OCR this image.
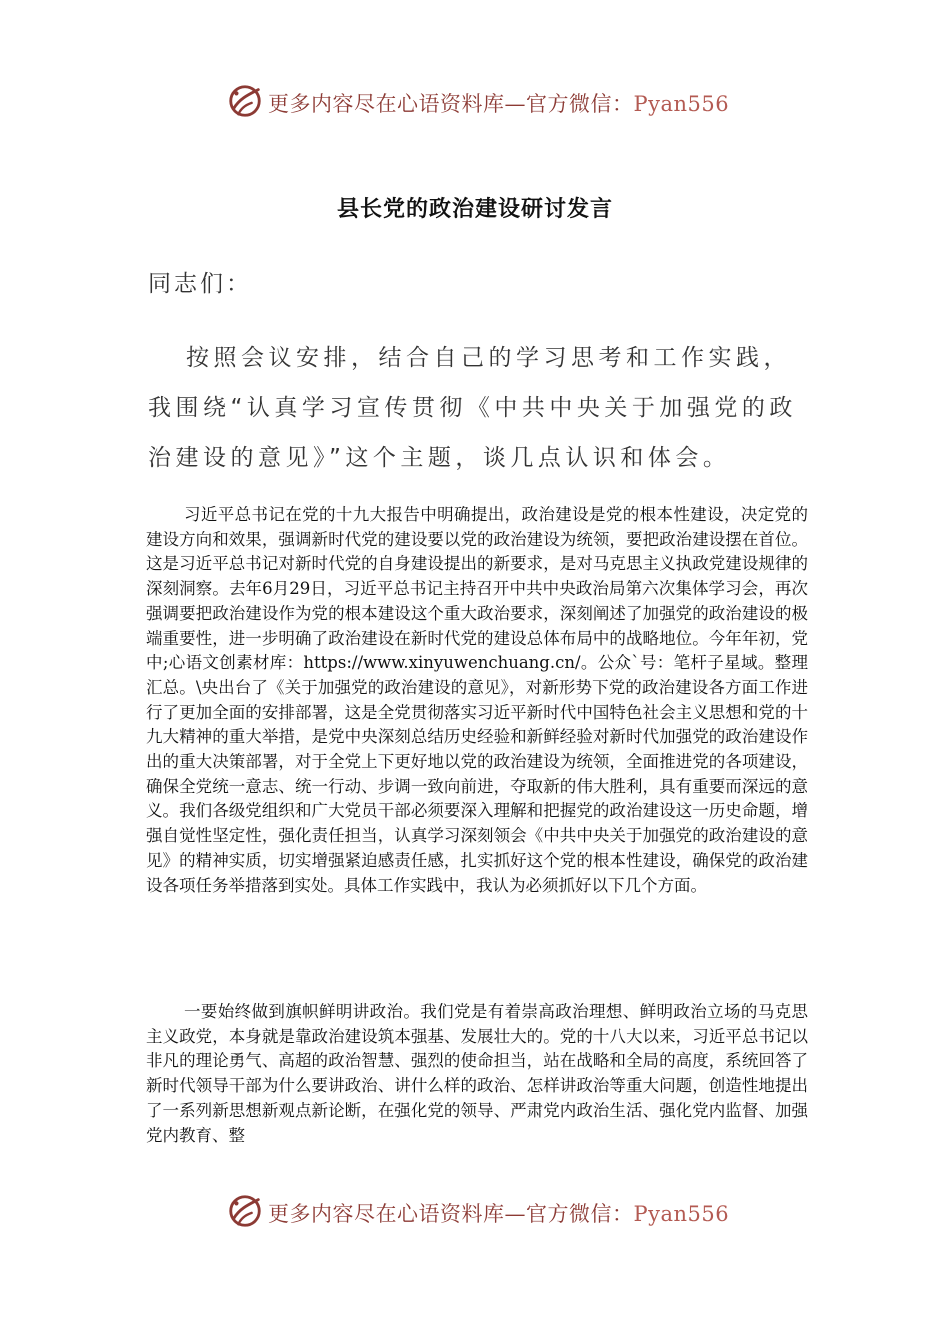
更多内容尽在心语资料库—官方微信：Pyan556
县长党的政治建设研讨发言
同志们：

按照会议安排，结合自己的学习思考和工作实践，我围绕“认真学习宣传贯彻《中共中央关于加强党的政治建设的意见》”这个主题，谈几点认识和体会。

习近平总书记在党的十九大报告中明确提出，政治建设是党的根本性建设，决定党的建设方向和效果，强调新时代党的建设要以党的政治建设为统领，要把政治建设摆在首位。这是习近平总书记对新时代党的自身建设提出的新要求，是对马克思主义执政党建设规律的深刻洞察。去年6月29日，习近平总书记主持召开中共中央政治局第六次集体学习会，再次强调要把政治建设作为党的根本建设这个重大政治要求，深刻阐述了加强党的政治建设的极端重要性，进一步明确了政治建设在新时代党的建设总体布局中的战略地位。今年年初，党中;心语文创素材库：https://www.xinyuwenchuang.cn/。公众`号：笔杆子星域。整理汇总。\央出台了《关于加强党的政治建设的意见》，对新形势下党的政治建设各方面工作进行了更加全面的安排部署，这是全党贯彻落实习近平新时代中国特色社会主义思想和党的十九大精神的重大举措，是党中央深刻总结历史经验和新鲜经验对新时代加强党的政治建设作出的重大决策部署，对于全党上下更好地以党的政治建设为统领，全面推进党的各项建设，确保全党统一意志、统一行动、步调一致向前进，夺取新的伟大胜利，具有重要而深远的意义。我们各级党组织和广大党员干部必须要深入理解和把握党的政治建设这一历史命题，增强自觉性坚定性，强化责任担当，认真学习深刻领会《中共中央关于加强党的政治建设的意见》的精神实质，切实增强紧迫感责任感，扎实抓好这个党的根本性建设，确保党的政治建设各项任务举措落到实处。具体工作实践中，我认为必须抓好以下几个方面。

一要始终做到旗帜鲜明讲政治。我们党是有着崇高政治理想、鲜明政治立场的马克思主义政党，本身就是靠政治建设筑本强基、发展壮大的。党的十八大以来，习近平总书记以非凡的理论勇气、高超的政治智慧、强烈的使命担当，站在战略和全局的高度，系统回答了新时代领导干部为什么要讲政治、讲什么样的政治、怎样讲政治等重大问题，创造性地提出了一系列新思想新观点新论断，在强化党的领导、严肃党内政治生活、强化党内监督、加强党内教育、整

更多内容尽在心语资料库—官方微信：Pyan556
